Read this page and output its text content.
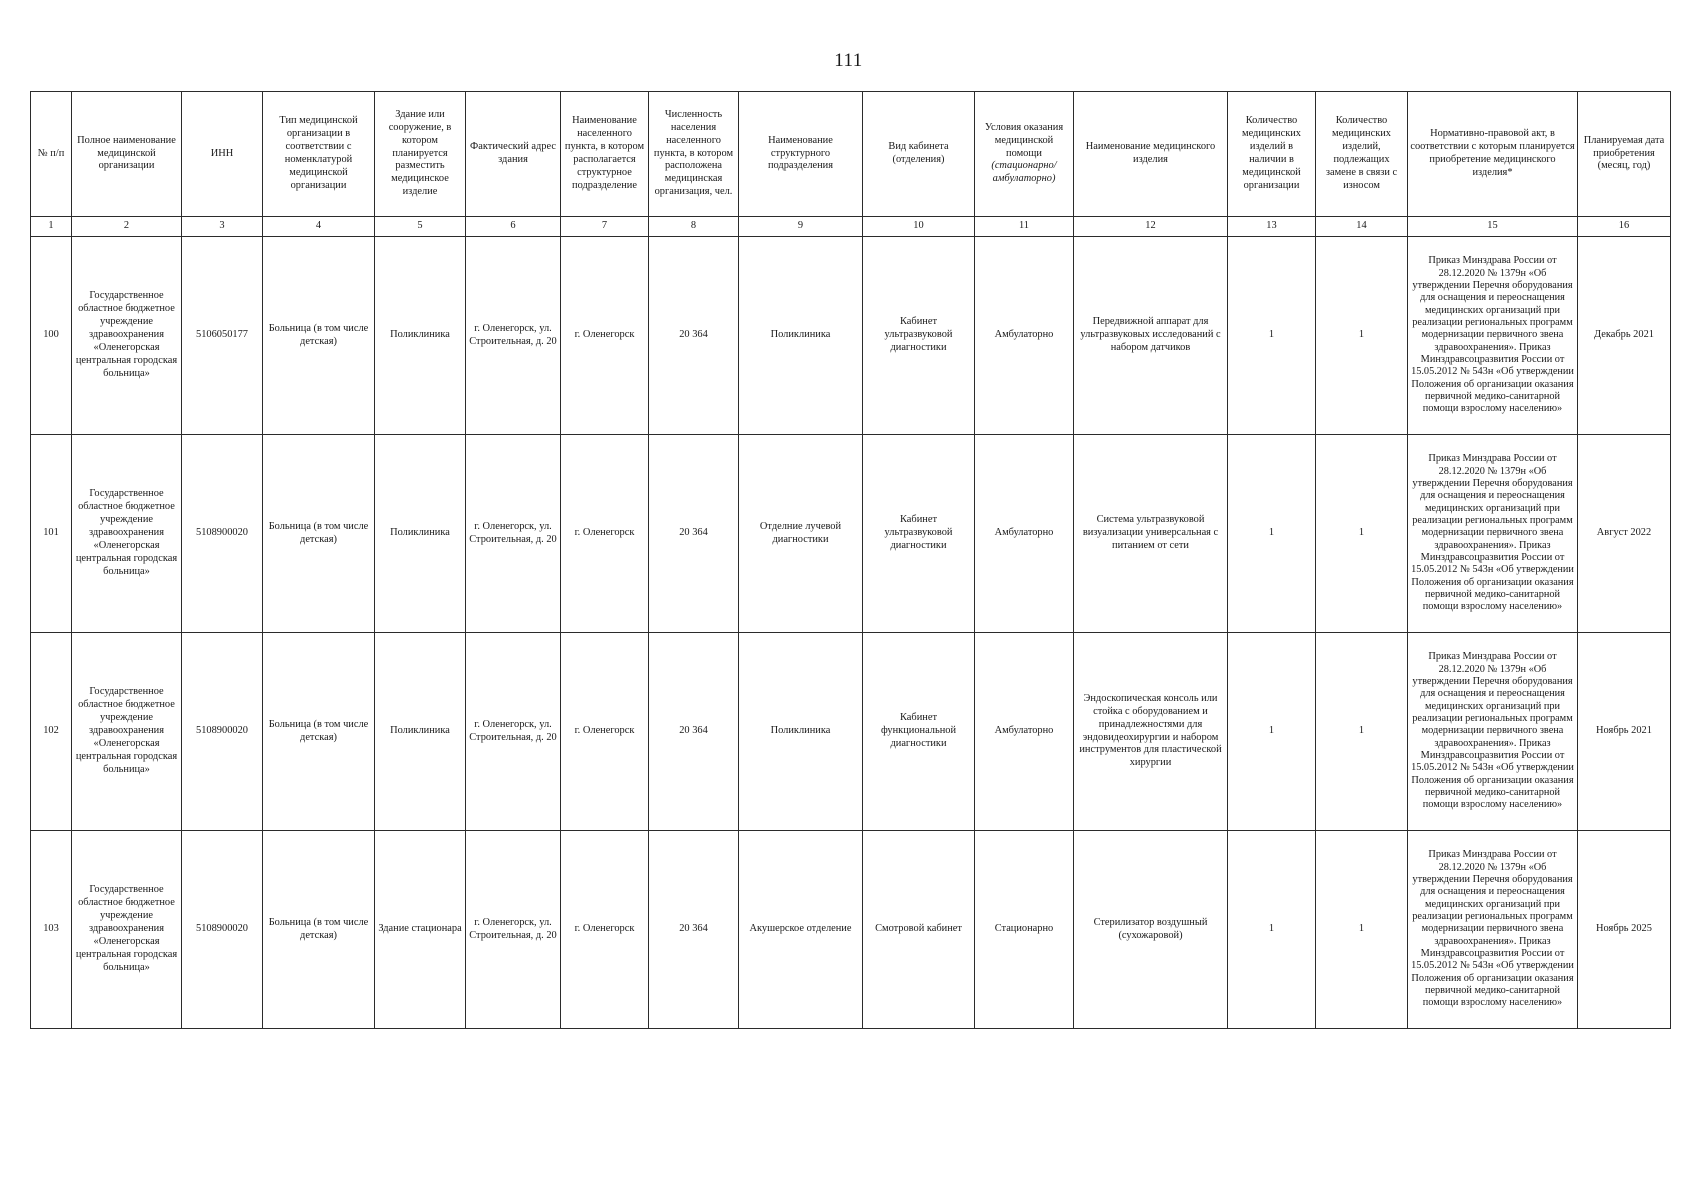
111
№ п/п	Полное наименование медицинской организации	ИНН	Тип медицинской организации в соответствии с номенклатурой медицинской организации	Здание или сооружение, в котором планируется разместить медицинское изделие	Фактический адрес здания	Наименование населенного пункта, в котором располагается структурное подразделение	Численность населения населенного пункта, в котором расположена медицинская организация, чел.	Наименование структурного подразделения	Вид кабинета (отделения)	Условия оказания медицинской помощи (стационарно/ амбулаторно)	Наименование медицинского изделия	Количество медицинских изделий в наличии в медицинской организации	Количество медицинских изделий, подлежащих замене в связи с износом	Нормативно-правовой акт, в соответствии с которым планируется приобретение медицинского изделия*	Планируемая дата приобретения (месяц, год)
1	2	3	4	5	6	7	8	9	10	11	12	13	14	15	16
100	Государственное областное бюджетное учреждение здравоохранения «Оленегорская центральная городская больница»	5106050177	Больница (в том числе детская)	Поликлиника	г. Оленегорск, ул. Строительная, д. 20	г. Оленегорск	20 364	Поликлиника	Кабинет ультразвуковой диагностики	Амбулаторно	Передвижной аппарат для ультразвуковых исследований с набором датчиков	1	1	Приказ Минздрава России от 28.12.2020 № 1379н «Об утверждении Перечня оборудования для оснащения и переоснащения медицинских организаций при реализации региональных программ модернизации первичного звена здравоохранения». Приказ Минздравсоцразвития России от 15.05.2012 № 543н «Об утверждении Положения об организации оказания первичной медико-санитарной помощи взрослому населению»	Декабрь 2021
101	Государственное областное бюджетное учреждение здравоохранения «Оленегорская центральная городская больница»	5108900020	Больница (в том числе детская)	Поликлиника	г. Оленегорск, ул. Строительная, д. 20	г. Оленегорск	20 364	Отделние лучевой диагностики	Кабинет ультразвуковой диагностики	Амбулаторно	Система ультразвуковой визуализации универсальная с питанием от сети	1	1	Приказ Минздрава России от 28.12.2020 № 1379н «Об утверждении Перечня оборудования для оснащения и переоснащения медицинских организаций при реализации региональных программ модернизации первичного звена здравоохранения». Приказ Минздравсоцразвития России от 15.05.2012 № 543н «Об утверждении Положения об организации оказания первичной медико-санитарной помощи взрослому населению»	Август 2022
102	Государственное областное бюджетное учреждение здравоохранения «Оленегорская центральная городская больница»	5108900020	Больница (в том числе детская)	Поликлиника	г. Оленегорск, ул. Строительная, д. 20	г. Оленегорск	20 364	Поликлиника	Кабинет функциональной диагностики	Амбулаторно	Эндоскопическая консоль или стойка с оборудованием и принадлежностями для эндовидеохирургии и набором инструментов для пластической хирургии	1	1	Приказ Минздрава России от 28.12.2020 № 1379н «Об утверждении Перечня оборудования для оснащения и переоснащения медицинских организаций при реализации региональных программ модернизации первичного звена здравоохранения». Приказ Минздравсоцразвития России от 15.05.2012 № 543н «Об утверждении Положения об организации оказания первичной медико-санитарной помощи взрослому населению»	Ноябрь 2021
103	Государственное областное бюджетное учреждение здравоохранения «Оленегорская центральная городская больница»	5108900020	Больница (в том числе детская)	Здание стационара	г. Оленегорск, ул. Строительная, д. 20	г. Оленегорск	20 364	Акушерское отделение	Смотровой кабинет	Стационарно	Стерилизатор воздушный (сухожаровой)	1	1	Приказ Минздрава России от 28.12.2020 № 1379н «Об утверждении Перечня оборудования для оснащения и переоснащения медицинских организаций при реализации региональных программ модернизации первичного звена здравоохранения». Приказ Минздравсоцразвития России от 15.05.2012 № 543н «Об утверждении Положения об организации оказания первичной медико-санитарной помощи взрослому населению»	Ноябрь 2025
